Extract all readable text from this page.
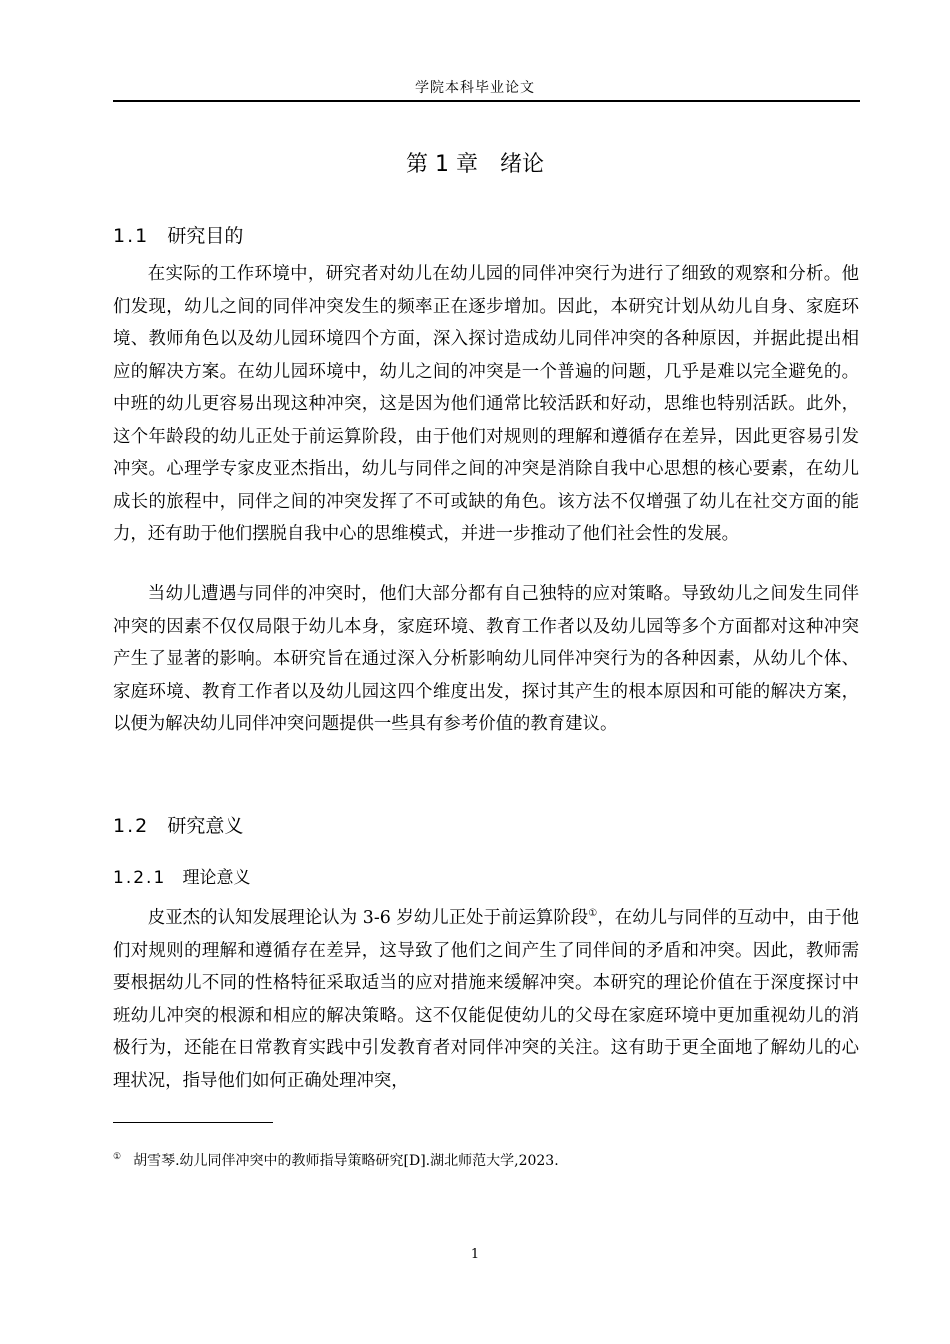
学院本科毕业论文
第 1 章　绪论
1.1 研究目的

在实际的工作环境中，研究者对幼儿在幼儿园的同伴冲突行为进行了细致的观察和分析。他们发现，幼儿之间的同伴冲突发生的频率正在逐步增加。因此，本研究计划从幼儿自身、家庭环境、教师角色以及幼儿园环境四个方面，深入探讨造成幼儿同伴冲突的各种原因，并据此提出相应的解决方案。在幼儿园环境中，幼儿之间的冲突是一个普遍的问题，几乎是难以完全避免的。中班的幼儿更容易出现这种冲突，这是因为他们通常比较活跃和好动，思维也特别活跃。此外，这个年龄段的幼儿正处于前运算阶段，由于他们对规则的理解和遵循存在差异，因此更容易引发冲突。心理学专家皮亚杰指出，幼儿与同伴之间的冲突是消除自我中心思想的核心要素，在幼儿成长的旅程中，同伴之间的冲突发挥了不可或缺的角色。该方法不仅增强了幼儿在社交方面的能力，还有助于他们摆脱自我中心的思维模式，并进一步推动了他们社会性的发展。

当幼儿遭遇与同伴的冲突时，他们大部分都有自己独特的应对策略。导致幼儿之间发生同伴冲突的因素不仅仅局限于幼儿本身，家庭环境、教育工作者以及幼儿园等多个方面都对这种冲突产生了显著的影响。本研究旨在通过深入分析影响幼儿同伴冲突行为的各种因素，从幼儿个体、家庭环境、教育工作者以及幼儿园这四个维度出发，探讨其产生的根本原因和可能的解决方案，以便为解决幼儿同伴冲突问题提供一些具有参考价值的教育建议。

1.2 研究意义
1.2.1 理论意义

皮亚杰的认知发展理论认为 3-6 岁幼儿正处于前运算阶段①，在幼儿与同伴的互动中，由于他们对规则的理解和遵循存在差异，这导致了他们之间产生了同伴间的矛盾和冲突。因此，教师需要根据幼儿不同的性格特征采取适当的应对措施来缓解冲突。本研究的理论价值在于深度探讨中班幼儿冲突的根源和相应的解决策略。这不仅能促使幼儿的父母在家庭环境中更加重视幼儿的消极行为，还能在日常教育实践中引发教育者对同伴冲突的关注。这有助于更全面地了解幼儿的心理状况，指导他们如何正确处理冲突，

① 胡雪琴.幼儿同伴冲突中的教师指导策略研究[D].湖北师范大学,2023.
1
